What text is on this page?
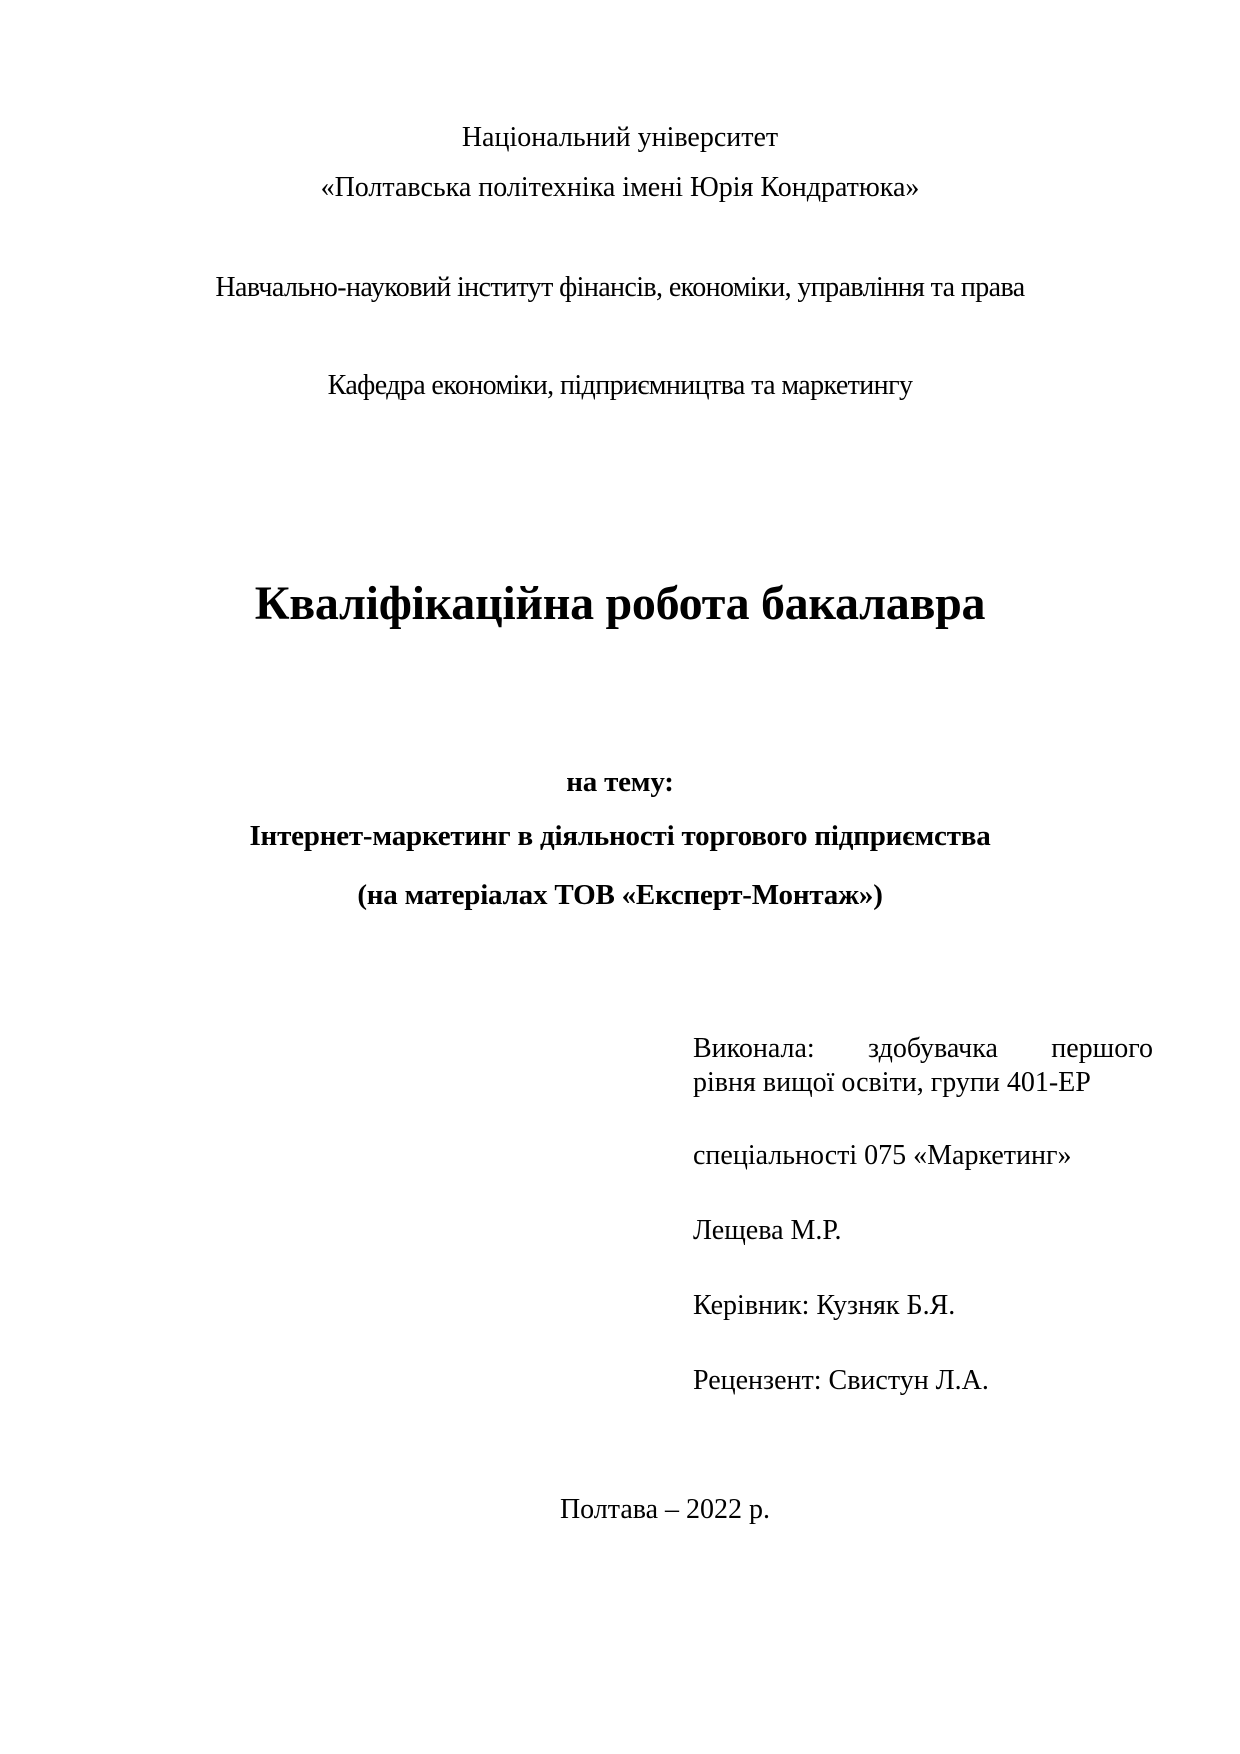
Національний університет
«Полтавська політехніка імені Юрія Кондратюка»
Навчально-науковий інститут фінансів, економіки, управління та права
Кафедра економіки, підприємництва та маркетингу
Кваліфікаційна робота бакалавра
на тему:
Інтернет-маркетинг в діяльності торгового підприємства
(на матеріалах ТОВ «Експерт-Монтаж»)
Виконала: здобувачка першого
рівня вищої освіти, групи 401-ЕР
спеціальності 075 «Маркетинг»
Лещева М.Р.
Керівник: Кузняк Б.Я.
Рецензент: Свистун Л.А.
Полтава – 2022 р.
